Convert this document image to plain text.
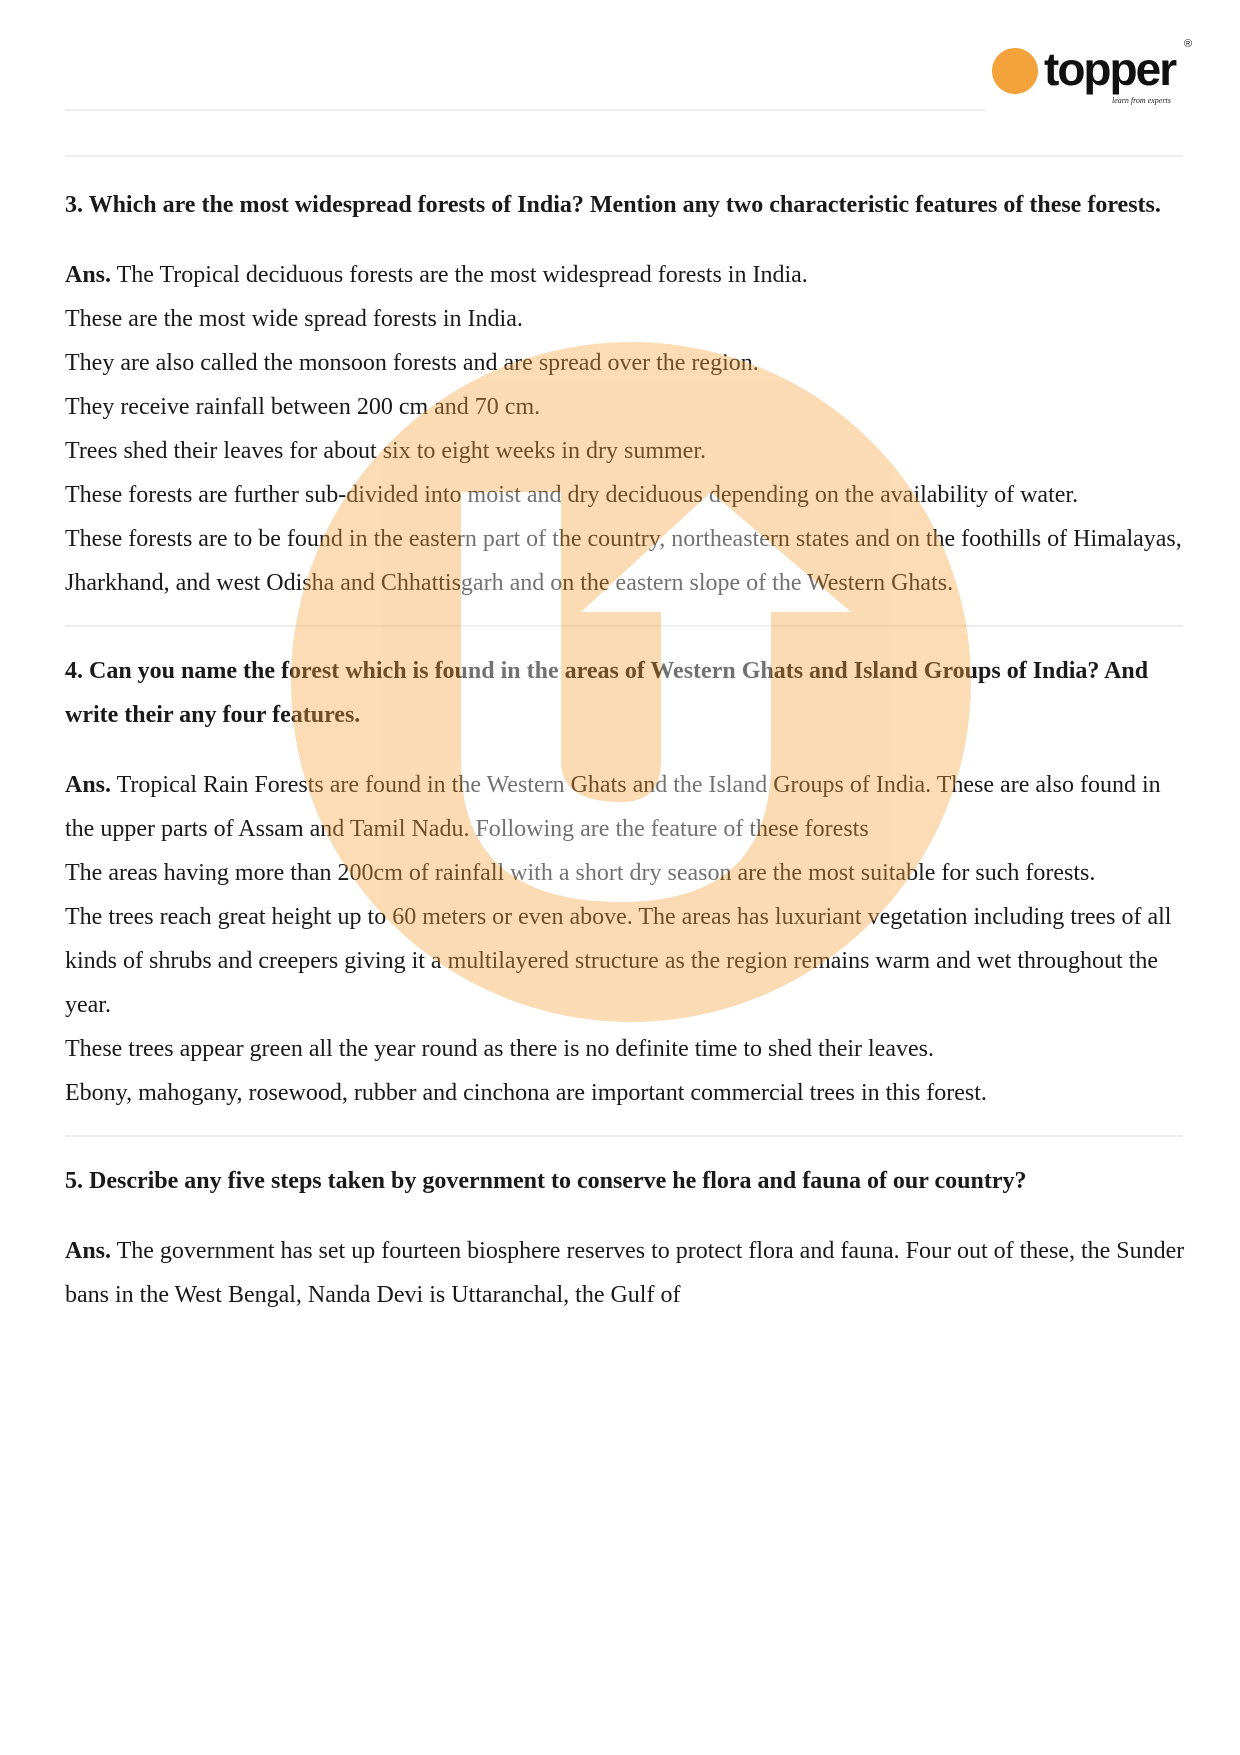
topper ®
learn from experts

3. Which are the most widespread forests of India? Mention any two characteristic features of these forests.

Ans. The Tropical deciduous forests are the most widespread forests in India.

These are the most wide spread forests in India.

They are also called the monsoon forests and are spread over the region.

They receive rainfall between 200 cm and 70 cm.

Trees shed their leaves for about six to eight weeks in dry summer.

These forests are further sub-divided into moist and dry deciduous depending on the availability of water.

These forests are to be found in the eastern part of the country, northeastern states and on the foothills of Himalayas, Jharkhand, and west Odisha and Chhattisgarh and on the eastern slope of the Western Ghats.

4. Can you name the forest which is found in the areas of Western Ghats and Island Groups of India? And write their any four features.

Ans. Tropical Rain Forests are found in the Western Ghats and the Island Groups of India. These are also found in the upper parts of Assam and Tamil Nadu. Following are the feature of these forests

The areas having more than 200cm of rainfall with a short dry season are the most suitable for such forests.

The trees reach great height up to 60 meters or even above. The areas has luxuriant vegetation including trees of all kinds of shrubs and creepers giving it a multilayered structure as the region remains warm and wet throughout the year.

These trees appear green all the year round as there is no definite time to shed their leaves.

Ebony, mahogany, rosewood, rubber and cinchona are important commercial trees in this forest.

5. Describe any five steps taken by government to conserve he flora and fauna of our country?

Ans. The government has set up fourteen biosphere reserves to protect flora and fauna. Four out of these, the Sunder bans in the West Bengal, Nanda Devi is Uttaranchal, the Gulf of
